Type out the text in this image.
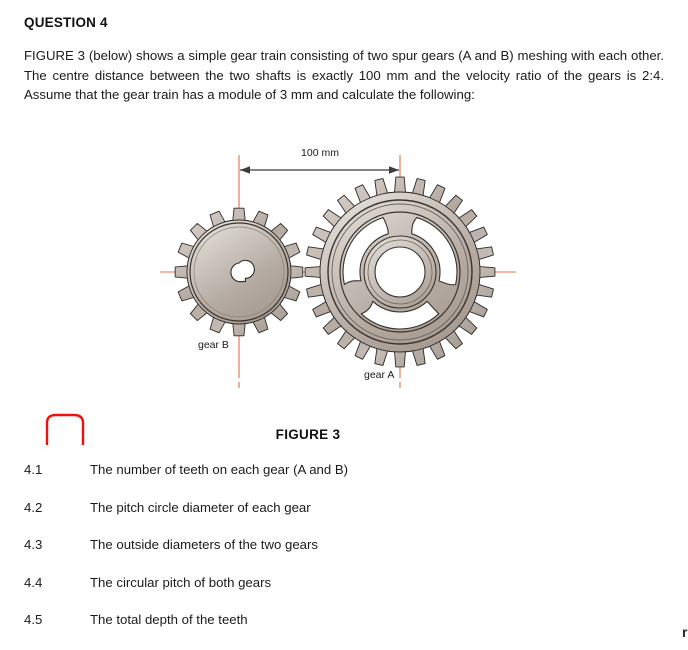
QUESTION 4
FIGURE 3 (below) shows a simple gear train consisting of two spur gears (A and B) meshing with each other. The centre distance between the two shafts is exactly 100 mm and the velocity ratio of the gears is 2:4. Assume that the gear train has a module of 3 mm and calculate the following:
100 mm
gear A
gear B
FIGURE 3
4.1	The number of teeth on each gear (A and B)
4.2	The pitch circle diameter of each gear
4.3	The outside diameters of the two gears
4.4	The circular pitch of both gears
4.5	The total depth of the teeth
r
